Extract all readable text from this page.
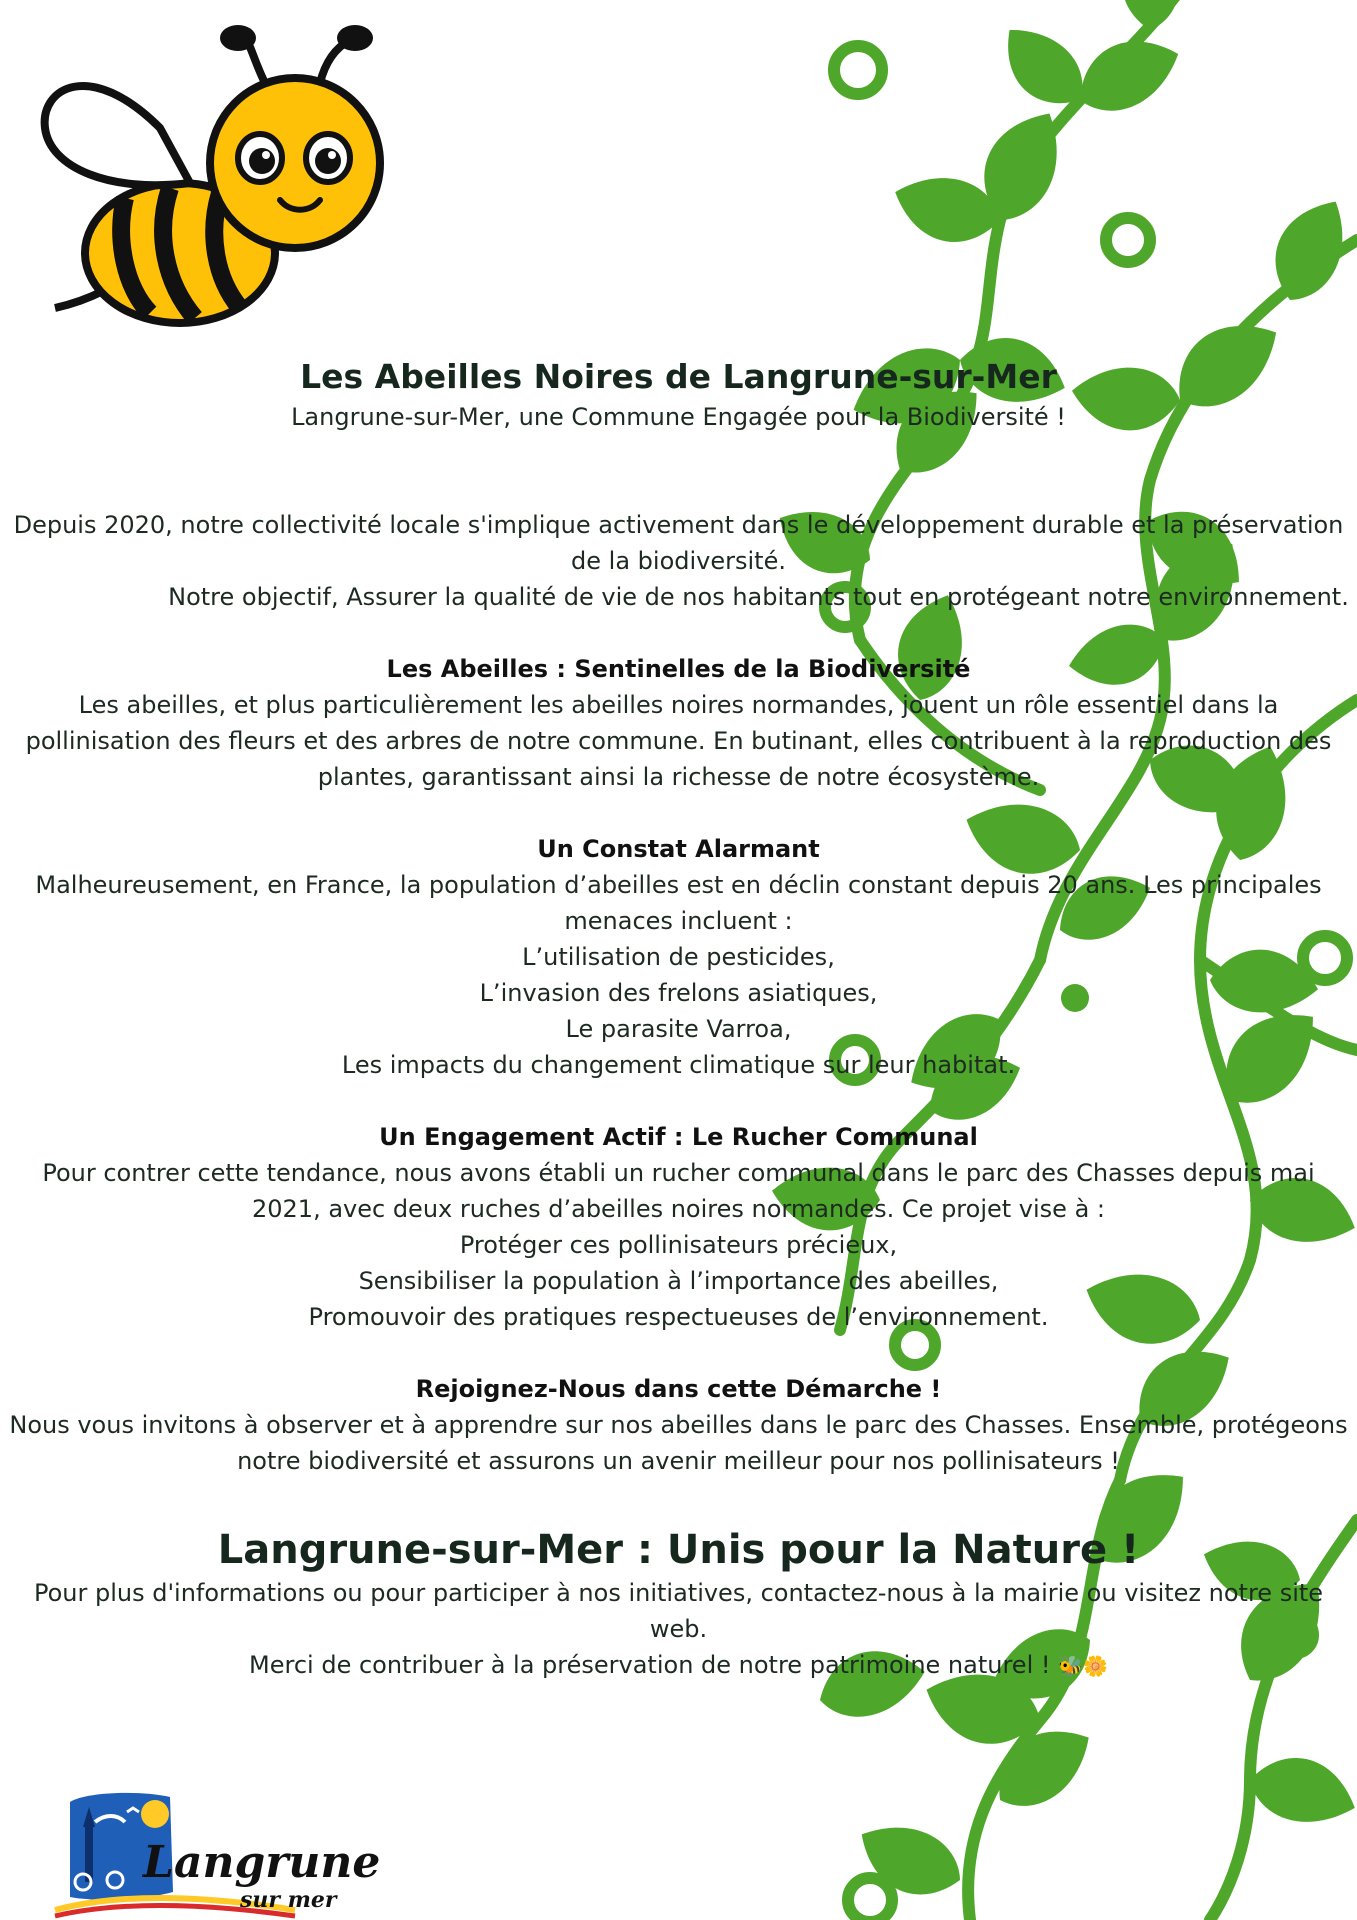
Les Abeilles Noires de Langrune-sur-Mer

Langrune-sur-Mer, une Commune Engagée pour la Biodiversité !

Depuis 2020, notre collectivité locale s'implique activement dans le développement durable et la préservation de la biodiversité.

Notre objectif, Assurer la qualité de vie de nos habitants tout en protégeant notre environnement.

Les Abeilles : Sentinelles de la Biodiversité

Les abeilles, et plus particulièrement les abeilles noires normandes, jouent un rôle essentiel dans la pollinisation des fleurs et des arbres de notre commune. En butinant, elles contribuent à la reproduction des plantes, garantissant ainsi la richesse de notre écosystème.

Un Constat Alarmant

Malheureusement, en France, la population d’abeilles est en déclin constant depuis 20 ans. Les principales menaces incluent :

L’utilisation de pesticides,
L’invasion des frelons asiatiques,
Le parasite Varroa,
Les impacts du changement climatique sur leur habitat.
Un Engagement Actif : Le Rucher Communal

Pour contrer cette tendance, nous avons établi un rucher communal dans le parc des Chasses depuis mai 2021, avec deux ruches d’abeilles noires normandes. Ce projet vise à :

Protéger ces pollinisateurs précieux,
Sensibiliser la population à l’importance des abeilles,
Promouvoir des pratiques respectueuses de l’environnement.
Rejoignez-Nous dans cette Démarche !

Nous vous invitons à observer et à apprendre sur nos abeilles dans le parc des Chasses. Ensemble, protégeons notre biodiversité et assurons un avenir meilleur pour nos pollinisateurs !

Langrune-sur-Mer : Unis pour la Nature !

Pour plus d'informations ou pour participer à nos initiatives, contactez-nous à la mairie ou visitez notre site web.

Merci de contribuer à la préservation de notre patrimoine naturel ! 🐝🌼

Langrune
sur mer
